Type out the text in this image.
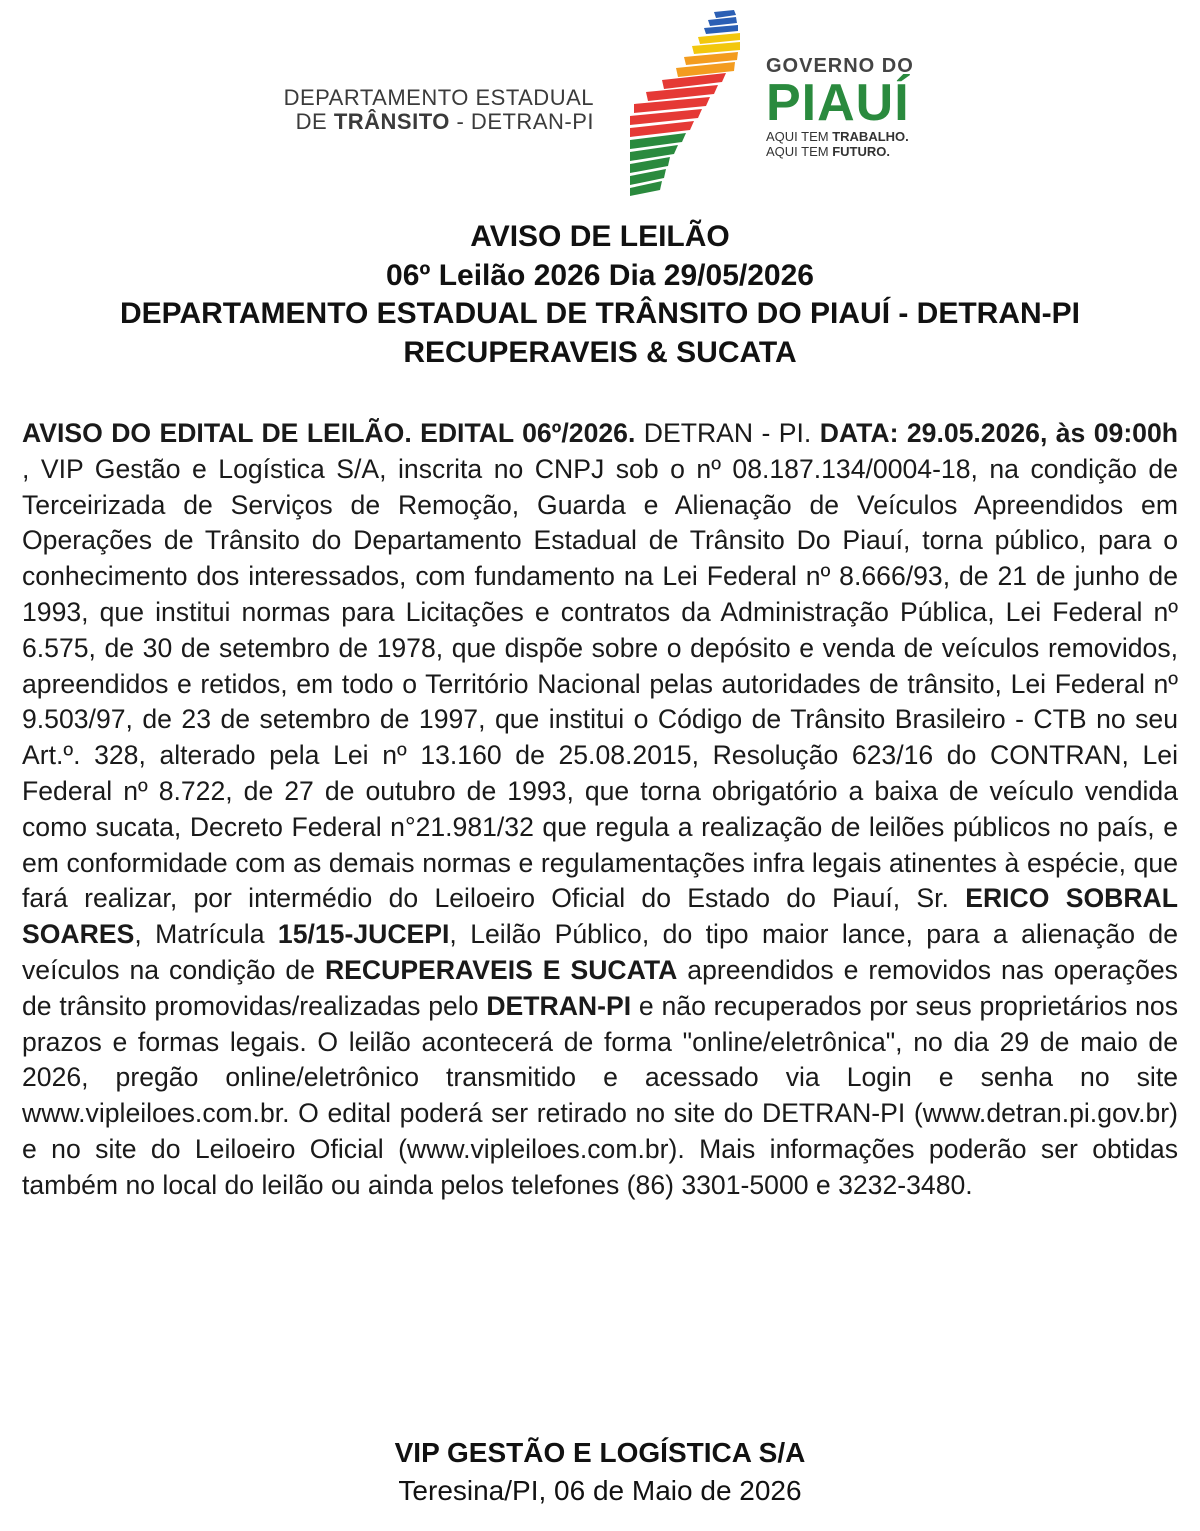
DEPARTAMENTO ESTADUAL
DE TRÂNSITO - DETRAN-PI
GOVERNO DO
PIAUÍ
AQUI TEM TRABALHO.
AQUI TEM FUTURO.
AVISO DE LEILÃO
06º Leilão 2026 Dia 29/05/2026
DEPARTAMENTO ESTADUAL DE TRÂNSITO DO PIAUÍ - DETRAN-PI
RECUPERAVEIS & SUCATA
AVISO DO EDITAL DE LEILÃO. EDITAL 06º/2026. DETRAN - PI. DATA: 29.05.2026, às 09:00h , VIP Gestão e Logística S/A, inscrita no CNPJ sob o nº 08.187.134/0004-18, na condição de Terceirizada de Serviços de Remoção, Guarda e Alienação de Veículos Apreendidos em Operações de Trânsito do Departamento Estadual de Trânsito Do Piauí, torna público, para o conhecimento dos interessados, com fundamento na Lei Federal nº 8.666/93, de 21 de junho de 1993, que institui normas para Licitações e contratos da Administração Pública, Lei Federal nº 6.575, de 30 de setembro de 1978, que dispõe sobre o depósito e venda de veículos removidos, apreendidos e retidos, em todo o Território Nacional pelas autoridades de trânsito, Lei Federal nº 9.503/97, de 23 de setembro de 1997, que institui o Código de Trânsito Brasileiro - CTB no seu Art.º. 328, alterado pela Lei nº 13.160 de 25.08.2015, Resolução 623/16 do CONTRAN, Lei Federal nº 8.722, de 27 de outubro de 1993, que torna obrigatório a baixa de veículo vendida como sucata, Decreto Federal n°21.981/32 que regula a realização de leilões públicos no país, e em conformidade com as demais normas e regulamentações infra legais atinentes à espécie, que fará realizar, por intermédio do Leiloeiro Oficial do Estado do Piauí, Sr. ERICO SOBRAL SOARES, Matrícula 15/15-JUCEPI, Leilão Público, do tipo maior lance, para a alienação de veículos na condição de RECUPERAVEIS E SUCATA apreendidos e removidos nas operações de trânsito promovidas/realizadas pelo DETRAN-PI e não recuperados por seus proprietários nos prazos e formas legais. O leilão acontecerá de forma "online/eletrônica", no dia 29 de maio de 2026, pregão online/eletrônico transmitido e acessado via Login e senha no site www.vipleiloes.com.br. O edital poderá ser retirado no site do DETRAN-PI (www.detran.pi.gov.br) e no site do Leiloeiro Oficial (www.vipleiloes.com.br). Mais informações poderão ser obtidas também no local do leilão ou ainda pelos telefones (86) 3301-5000 e 3232-3480.
VIP GESTÃO E LOGÍSTICA S/A
Teresina/PI, 06 de Maio de 2026
